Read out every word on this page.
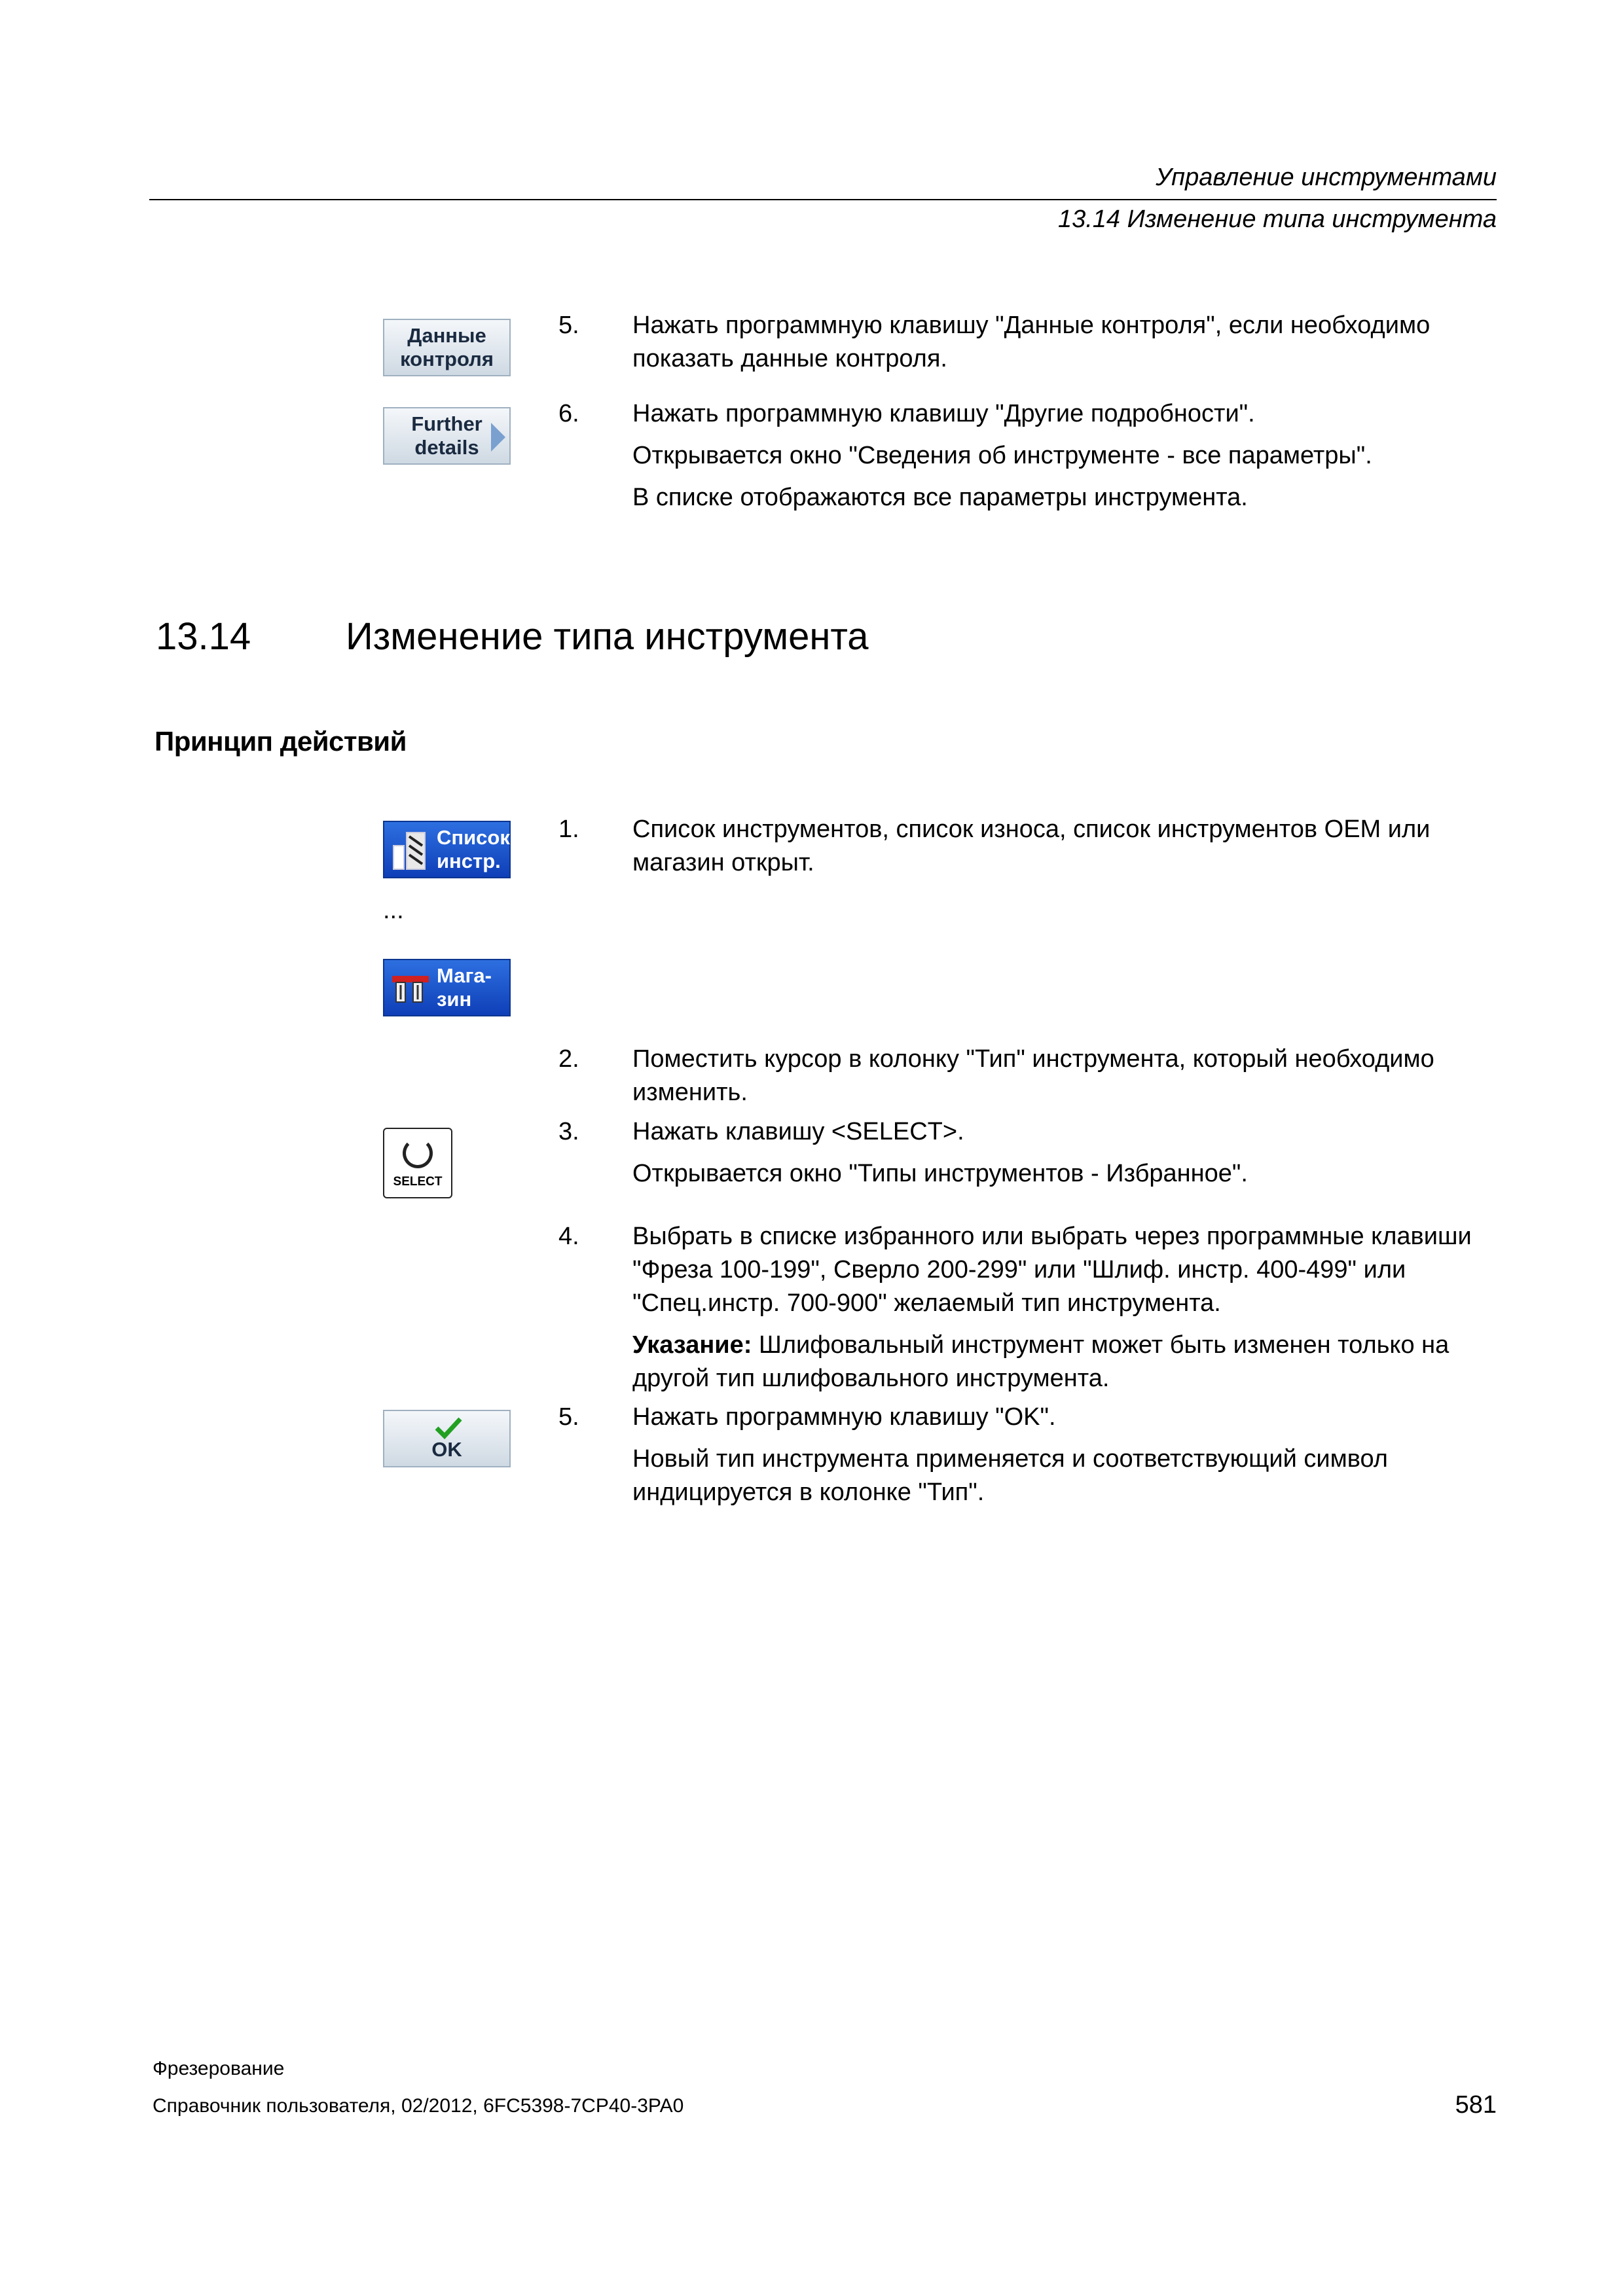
Управление инструментами
13.14 Изменение типа инструмента
Данные
контроля
Further
details
5. Нажать программную клавишу "Данные контроля", если необходимо показать данные контроля.

6. Нажать программную клавишу "Другие подробности".

Открывается окно "Сведения об инструменте - все параметры".

В списке отображаются все параметры инструмента.

13.14 Изменение типа инструмента
Принцип действий
Список
инстр.
...
Мага-
зин
1. Список инструментов, список износа, список инструментов OEM или магазин открыт.

2. Поместить курсор в колонку "Тип" инструмента, который необходимо изменить.

SELECT
3. Нажать клавишу <SELECT>.

Открывается окно "Типы инструментов - Избранное".

4. Выбрать в списке избранного или выбрать через программные клавиши "Фреза 100-199", Сверло 200-299" или "Шлиф. инстр. 400-499" или "Спец.инстр. 700-900" желаемый тип инструмента.

Указание: Шлифовальный инструмент может быть изменен только на другой тип шлифовального инструмента.

OK
5. Нажать программную клавишу "OK".

Новый тип инструмента применяется и соответствующий символ индицируется в колонке "Тип".

Фрезерование
Справочник пользователя, 02/2012, 6FC5398-7CP40-3PA0	581
